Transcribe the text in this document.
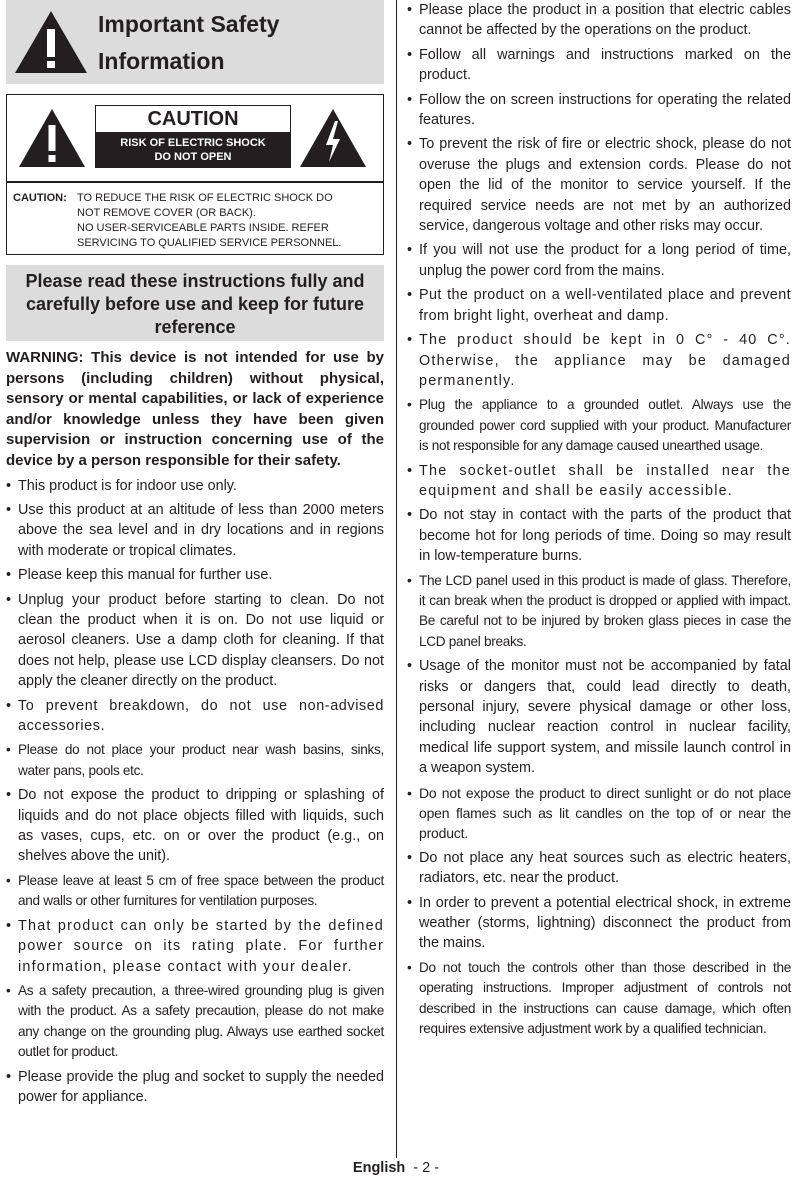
Important Safety
Information
CAUTION
RISK OF ELECTRIC SHOCK
DO NOT OPEN
CAUTION: TO REDUCE THE RISK OF ELECTRIC SHOCK DO
NOT REMOVE COVER (OR BACK).
NO USER-SERVICEABLE PARTS INSIDE. REFER
SERVICING TO QUALIFIED SERVICE PERSONNEL.
Please read these instructions fully and carefully before use and keep for future reference
WARNING: This device is not intended for use by persons (including children) without physical, sensory or mental capabilities, or lack of experience and/or knowledge unless they have been given supervision or instruction concerning use of the device by a person responsible for their safety.
• This product is for indoor use only.
• Use this product at an altitude of less than 2000 meters above the sea level and in dry locations and in regions with moderate or tropical climates.
• Please keep this manual for further use.
• Unplug your product before starting to clean. Do not clean the product when it is on. Do not use liquid or aerosol cleaners. Use a damp cloth for cleaning. If that does not help, please use LCD display cleansers. Do not apply the cleaner directly on the product.
• To prevent breakdown, do not use non-advised accessories.
• Please do not place your product near wash basins, sinks, water pans, pools etc.
• Do not expose the product to dripping or splashing of liquids and do not place objects filled with liquids, such as vases, cups, etc. on or over the product (e.g., on shelves above the unit).
• Please leave at least 5 cm of free space between the product and walls or other furnitures for ventilation purposes.
• That product can only be started by the defined power source on its rating plate. For further information, please contact with your dealer.
• As a safety precaution, a three-wired grounding plug is given with the product. As a safety precaution, please do not make any change on the grounding plug. Always use earthed socket outlet for product.
• Please provide the plug and socket to supply the needed power for appliance.
• Please place the product in a position that electric cables cannot be affected by the operations on the product.
• Follow all warnings and instructions marked on the product.
• Follow the on screen instructions for operating the related features.
• To prevent the risk of fire or electric shock, please do not overuse the plugs and extension cords. Please do not open the lid of the monitor to service yourself. If the required service needs are not met by an authorized service, dangerous voltage and other risks may occur.
• If you will not use the product for a long period of time, unplug the power cord from the mains.
• Put the product on a well-ventilated place and prevent from bright light, overheat and damp.
• The product should be kept in 0 C° - 40 C°. Otherwise, the appliance may be damaged permanently.
• Plug the appliance to a grounded outlet. Always use the grounded power cord supplied with your product. Manufacturer is not responsible for any damage caused unearthed usage.
• The socket-outlet shall be installed near the equipment and shall be easily accessible.
• Do not stay in contact with the parts of the product that become hot for long periods of time. Doing so may result in low-temperature burns.
• The LCD panel used in this product is made of glass. Therefore, it can break when the product is dropped or applied with impact. Be careful not to be injured by broken glass pieces in case the LCD panel breaks.
• Usage of the monitor must not be accompanied by fatal risks or dangers that, could lead directly to death, personal injury, severe physical damage or other loss, including nuclear reaction control in nuclear facility, medical life support system, and missile launch control in a weapon system.
• Do not expose the product to direct sunlight or do not place open flames such as lit candles on the top of or near the product.
• Do not place any heat sources such as electric heaters, radiators, etc. near the product.
• In order to prevent a potential electrical shock, in extreme weather (storms, lightning) disconnect the product from the mains.
• Do not touch the controls other than those described in the operating instructions. Improper adjustment of controls not described in the instructions can cause damage, which often requires extensive adjustment work by a qualified technician.
English - 2 -
